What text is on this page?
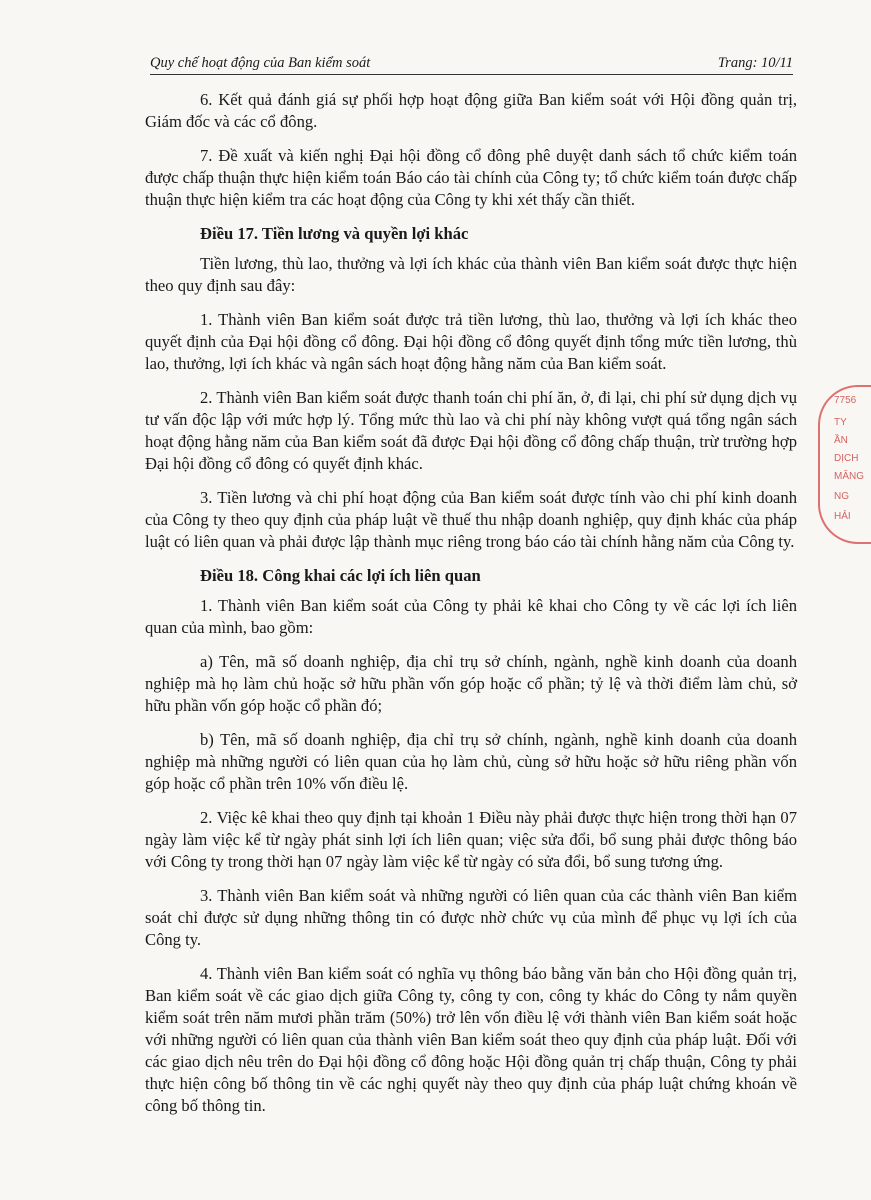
Quy chế hoạt động của Ban kiểm soát	Trang: 10/11

6. Kết quả đánh giá sự phối hợp hoạt động giữa Ban kiểm soát với Hội đồng quản trị, Giám đốc và các cổ đông.

7. Đề xuất và kiến nghị Đại hội đồng cổ đông phê duyệt danh sách tổ chức kiểm toán được chấp thuận thực hiện kiểm toán Báo cáo tài chính của Công ty; tổ chức kiểm toán được chấp thuận thực hiện kiểm tra các hoạt động của Công ty khi xét thấy cần thiết.

Điều 17. Tiền lương và quyền lợi khác

Tiền lương, thù lao, thưởng và lợi ích khác của thành viên Ban kiểm soát được thực hiện theo quy định sau đây:

1. Thành viên Ban kiểm soát được trả tiền lương, thù lao, thưởng và lợi ích khác theo quyết định của Đại hội đồng cổ đông. Đại hội đồng cổ đông quyết định tổng mức tiền lương, thù lao, thưởng, lợi ích khác và ngân sách hoạt động hằng năm của Ban kiểm soát.

2. Thành viên Ban kiểm soát được thanh toán chi phí ăn, ở, đi lại, chi phí sử dụng dịch vụ tư vấn độc lập với mức hợp lý. Tổng mức thù lao và chi phí này không vượt quá tổng ngân sách hoạt động hằng năm của Ban kiểm soát đã được Đại hội đồng cổ đông chấp thuận, trừ trường hợp Đại hội đồng cổ đông có quyết định khác.

3. Tiền lương và chi phí hoạt động của Ban kiểm soát được tính vào chi phí kinh doanh của Công ty theo quy định của pháp luật về thuế thu nhập doanh nghiệp, quy định khác của pháp luật có liên quan và phải được lập thành mục riêng trong báo cáo tài chính hằng năm của Công ty.

Điều 18. Công khai các lợi ích liên quan

1. Thành viên Ban kiểm soát của Công ty phải kê khai cho Công ty về các lợi ích liên quan của mình, bao gồm:

a) Tên, mã số doanh nghiệp, địa chỉ trụ sở chính, ngành, nghề kinh doanh của doanh nghiệp mà họ làm chủ hoặc sở hữu phần vốn góp hoặc cổ phần; tỷ lệ và thời điểm làm chủ, sở hữu phần vốn góp hoặc cổ phần đó;

b) Tên, mã số doanh nghiệp, địa chỉ trụ sở chính, ngành, nghề kinh doanh của doanh nghiệp mà những người có liên quan của họ làm chủ, cùng sở hữu hoặc sở hữu riêng phần vốn góp hoặc cổ phần trên 10% vốn điều lệ.

2. Việc kê khai theo quy định tại khoản 1 Điều này phải được thực hiện trong thời hạn 07 ngày làm việc kể từ ngày phát sinh lợi ích liên quan; việc sửa đổi, bổ sung phải được thông báo với Công ty trong thời hạn 07 ngày làm việc kể từ ngày có sửa đổi, bổ sung tương ứng.

3. Thành viên Ban kiểm soát và những người có liên quan của các thành viên Ban kiểm soát chỉ được sử dụng những thông tin có được nhờ chức vụ của mình để phục vụ lợi ích của Công ty.

4. Thành viên Ban kiểm soát có nghĩa vụ thông báo bằng văn bản cho Hội đồng quản trị, Ban kiểm soát về các giao dịch giữa Công ty, công ty con, công ty khác do Công ty nắm quyền kiểm soát trên năm mươi phần trăm (50%) trở lên vốn điều lệ với thành viên Ban kiểm soát hoặc với những người có liên quan của thành viên Ban kiểm soát theo quy định của pháp luật. Đối với các giao dịch nêu trên do Đại hội đồng cổ đông hoặc Hội đồng quản trị chấp thuận, Công ty phải thực hiện công bố thông tin về các nghị quyết này theo quy định của pháp luật chứng khoán về công bố thông tin.

7756
TY
ẦN
DỊCH
MĂNG
NG
HẢI
